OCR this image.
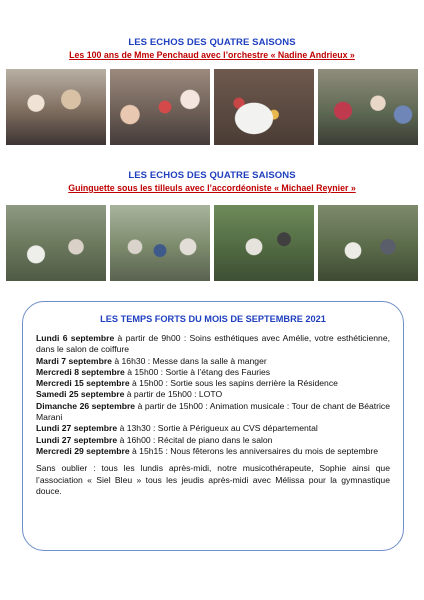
LES ECHOS DES QUATRE SAISONS
Les 100 ans de Mme Penchaud avec l’orchestre « Nadine Andrieux »
LES ECHOS DES QUATRE SAISONS
Guinguette sous les tilleuls avec l’accordéoniste « Michael Reynier »
LES TEMPS FORTS DU MOIS DE SEPTEMBRE 2021

Lundi 6 septembre à partir de 9h00 : Soins esthétiques avec Amélie, votre esthéticienne, dans le salon de coiffure

Mardi 7 septembre à 16h30 : Messe dans la salle à manger

Mercredi 8 septembre à 15h00 : Sortie à l’étang des Fauries

Mercredi 15 septembre à 15h00 : Sortie sous les sapins derrière la Résidence

Samedi 25 septembre à partir de 15h00 : LOTO

Dimanche 26 septembre à partir de 15h00 : Animation musicale : Tour de chant de Béatrice Marani

Lundi 27 septembre à 13h30 : Sortie à Périgueux au CVS départemental

Lundi 27 septembre à 16h00 : Récital de piano dans le salon

Mercredi 29 septembre à 15h15 : Nous fêterons les anniversaires du mois de septembre

Sans oublier : tous les lundis après-midi, notre musicothérapeute, Sophie ainsi que l’association « Siel Bleu » tous les jeudis après-midi avec Mélissa pour la gymnastique douce.
